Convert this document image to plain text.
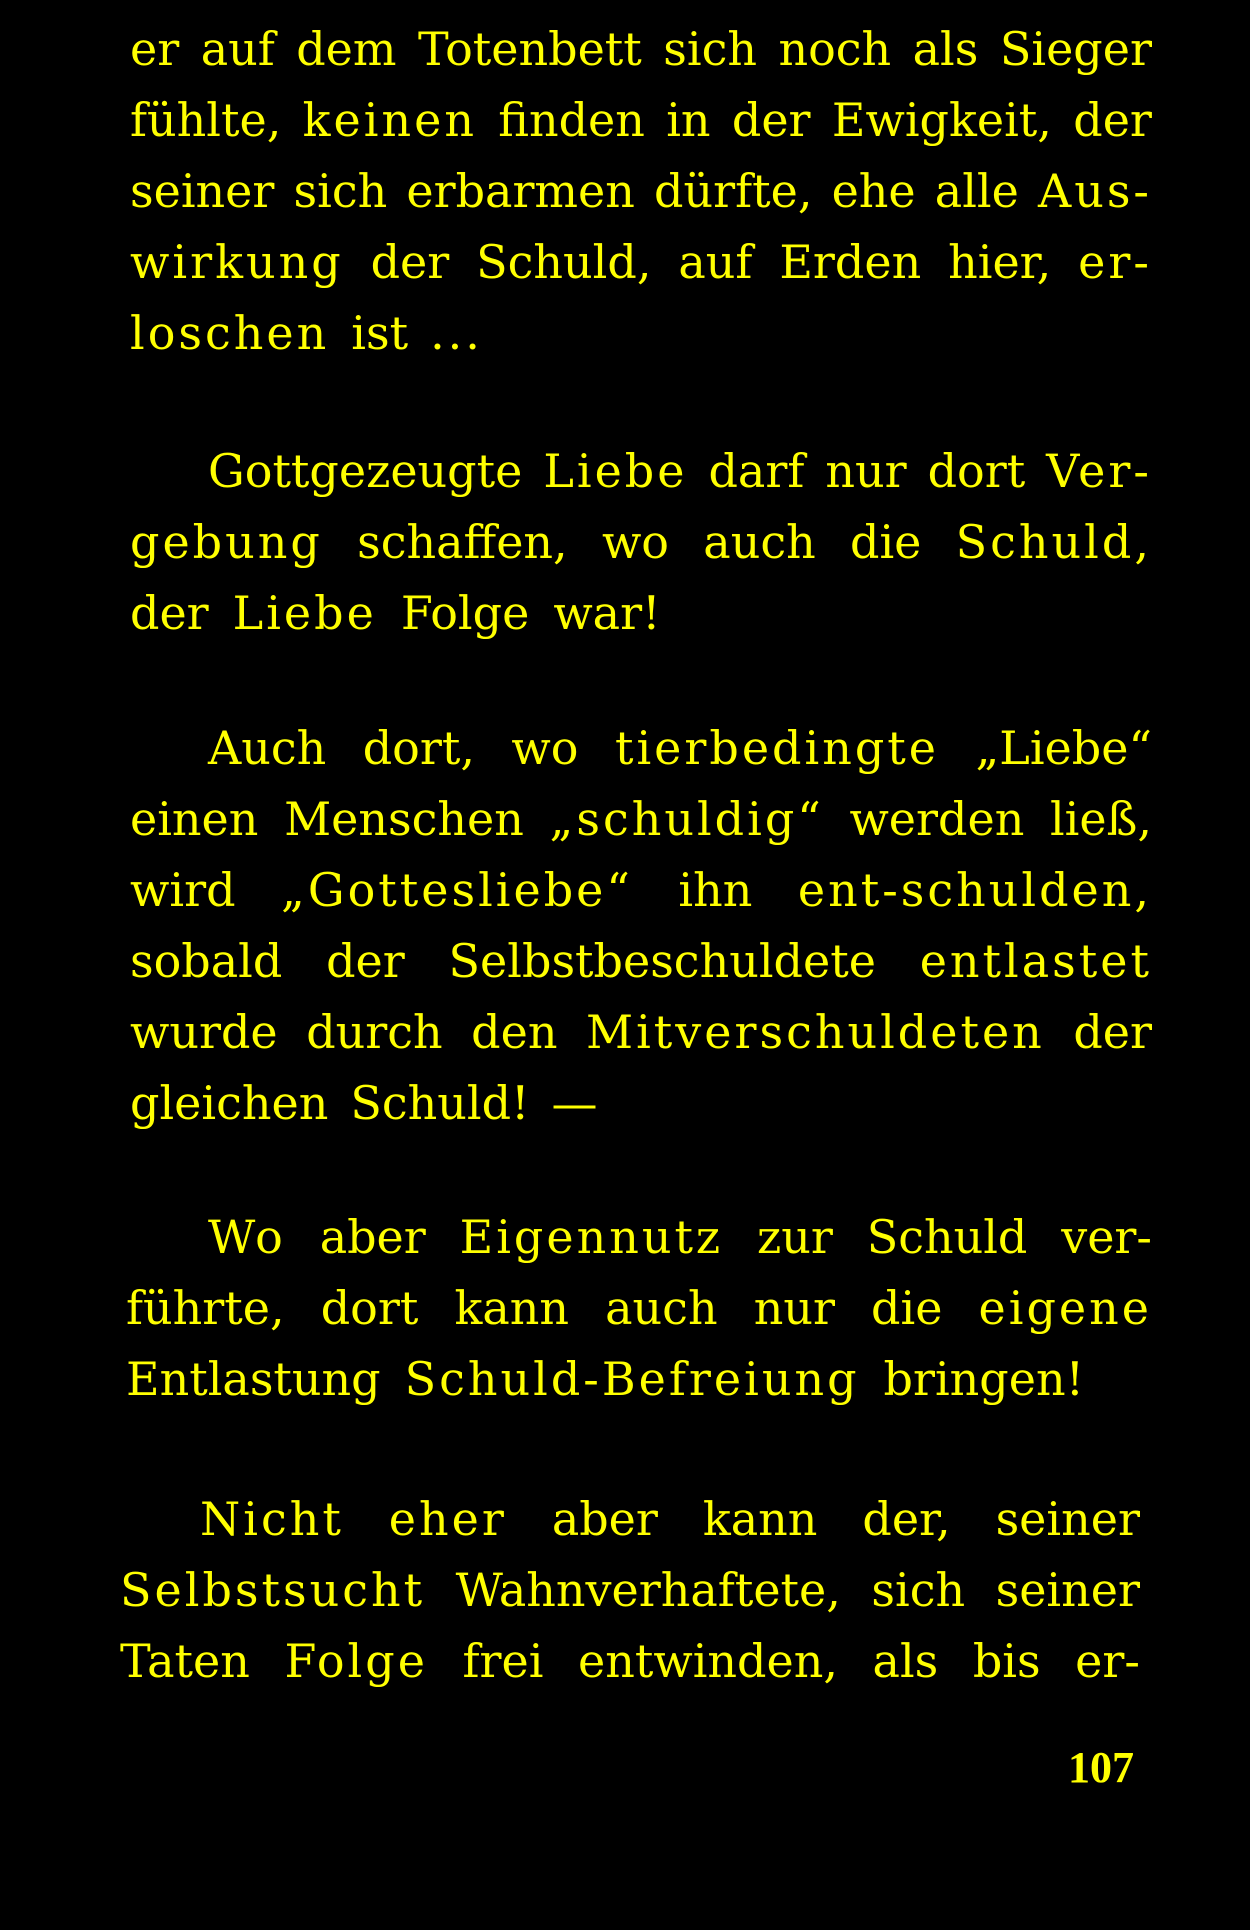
er auf dem Totenbett sich noch als Sieger
fühlte, keinen finden in der Ewigkeit, der
seiner sich erbarmen dürfte, ehe alle Aus-
wirkung der Schuld, auf Erden hier, er-
loschen ist ...
Gottgezeugte Liebe darf nur dort Ver-
gebung schaffen, wo auch die Schuld,
der Liebe Folge war!
Auch dort, wo tierbedingte „Liebe“
einen Menschen „schuldig“ werden ließ,
wird „Gottesliebe“ ihn ent-schulden,
sobald der Selbstbeschuldete entlastet
wurde durch den Mitverschuldeten der
gleichen Schuld! —
Wo aber Eigennutz zur Schuld ver-
führte, dort kann auch nur die eigene
Entlastung Schuld-Befreiung bringen!
Nicht eher aber kann der, seiner
Selbstsucht Wahnverhaftete, sich seiner
Taten Folge frei entwinden, als bis er-
107
